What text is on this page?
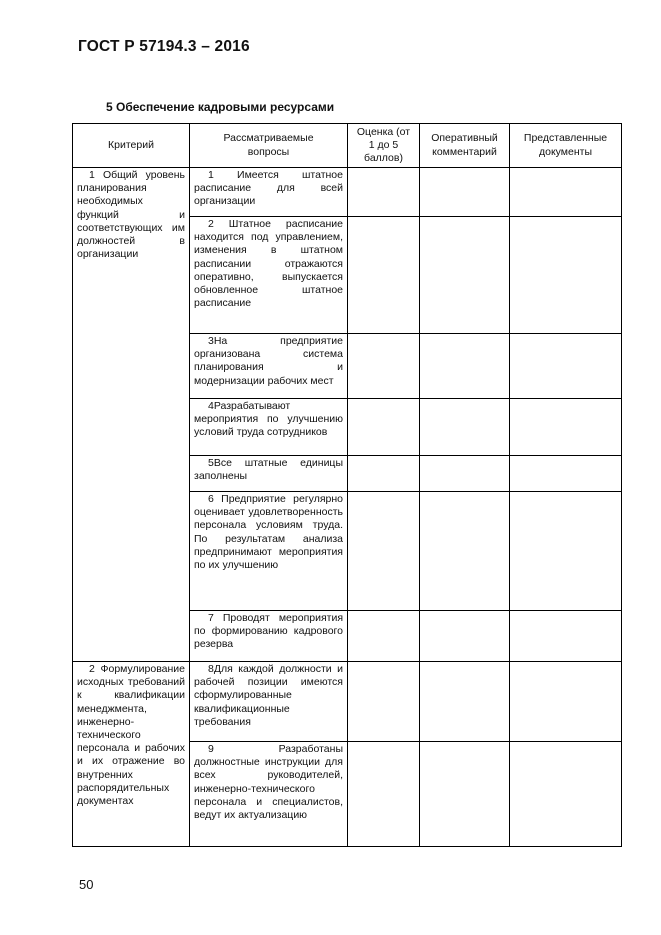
ГОСТ Р 57194.3 – 2016
5 Обеспечение кадровыми ресурсами
Критерий	Рассматриваемые вопросы	Оценка (от 1 до 5 баллов)	Оперативный комментарий	Представленные документы

1 Общий уровень планирования необходимых функций и соответствующих им должностей в организации	1 Имеется штатное расписание для всей организации			

	2 Штатное расписание находится под управлением, изменения в штатном расписании отражаются оперативно, выпускается обновленное штатное расписание			

	3На предприятие организована система планирования и модернизации рабочих мест			

	4Разрабатывают мероприятия по улучшению условий труда сотрудников			

	5Все штатные единицы заполнены			

	6 Предприятие регулярно оценивает удовлетворенность персонала условиям труда. По результатам анализа предпринимают мероприятия по их улучшению			

	7 Проводят мероприятия по формированию кадрового резерва			

2 Формулирование исходных требований к квалификации менеджмента, инженерно-технического персонала и рабочих и их отражение во внутренних распорядительных документах	8Для каждой должности и рабочей позиции имеются сформулированные квалификационные требования			

	9 Разработаны должностные инструкции для всех руководителей, инженерно-технического персонала и специалистов, ведут их актуализацию			

50
